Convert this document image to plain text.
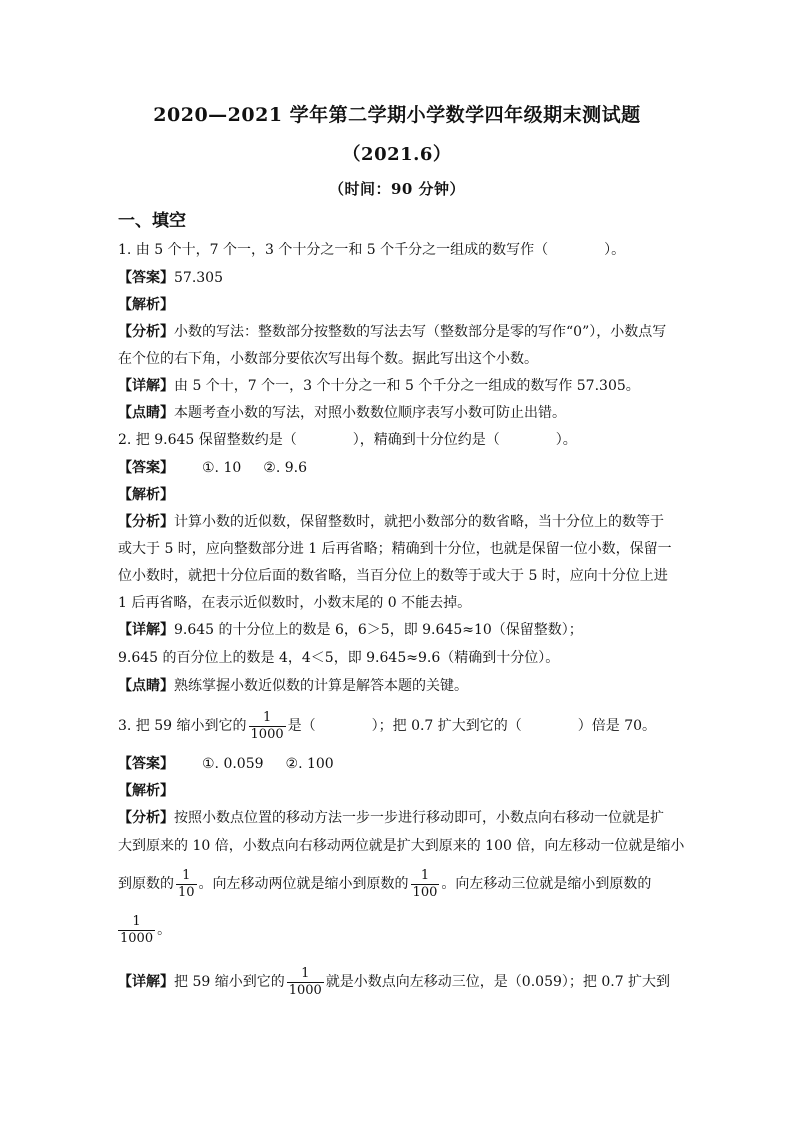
2020—2021 学年第二学期小学数学四年级期末测试题
（2021.6）
（时间：90 分钟）
一、填空
1. 由 5 个十，7 个一，3 个十分之一和 5 个千分之一组成的数写作（	）。
【答案】57.305
【解析】
【分析】小数的写法：整数部分按整数的写法去写（整数部分是零的写作“0”），小数点写
在个位的右下角，小数部分要依次写出每个数。据此写出这个小数。
【详解】由 5 个十，7 个一，3 个十分之一和 5 个千分之一组成的数写作 57.305。
【点睛】本题考查小数的写法，对照小数数位顺序表写小数可防止出错。
2. 把 9.645 保留整数约是（	），精确到十分位约是（	）。
【答案】 ①. 10 ②. 9.6
【解析】
【分析】计算小数的近似数，保留整数时，就把小数部分的数省略，当十分位上的数等于
或大于 5 时，应向整数部分进 1 后再省略；精确到十分位，也就是保留一位小数，保留一
位小数时，就把十分位后面的数省略，当百分位上的数等于或大于 5 时，应向十分位上进
1 后再省略，在表示近似数时，小数末尾的 0 不能去掉。
【详解】9.645 的十分位上的数是 6，6＞5，即 9.645≈10（保留整数）；
9.645 的百分位上的数是 4，4＜5，即 9.645≈9.6（精确到十分位）。
【点睛】熟练掌握小数近似数的计算是解答本题的关键。
3. 把 59 缩小到它的 $\frac{1}{1000}$ 是（	）；把 0.7 扩大到它的（	）倍是 70。
【答案】 ①. 0.059 ②. 100
【解析】
【分析】按照小数点位置的移动方法一步一步进行移动即可，小数点向右移动一位就是扩
大到原来的 10 倍，小数点向右移动两位就是扩大到原来的 100 倍，向左移动一位就是缩小
到原数的 $\frac{1}{10}$ 。向左移动两位就是缩小到原数的 $\frac{1}{100}$ 。向左移动三位就是缩小到原数的
$\frac{1}{1000}$ 。
【详解】把 59 缩小到它的 $\frac{1}{1000}$ 就是小数点向左移动三位，是（0.059）；把 0.7 扩大到
